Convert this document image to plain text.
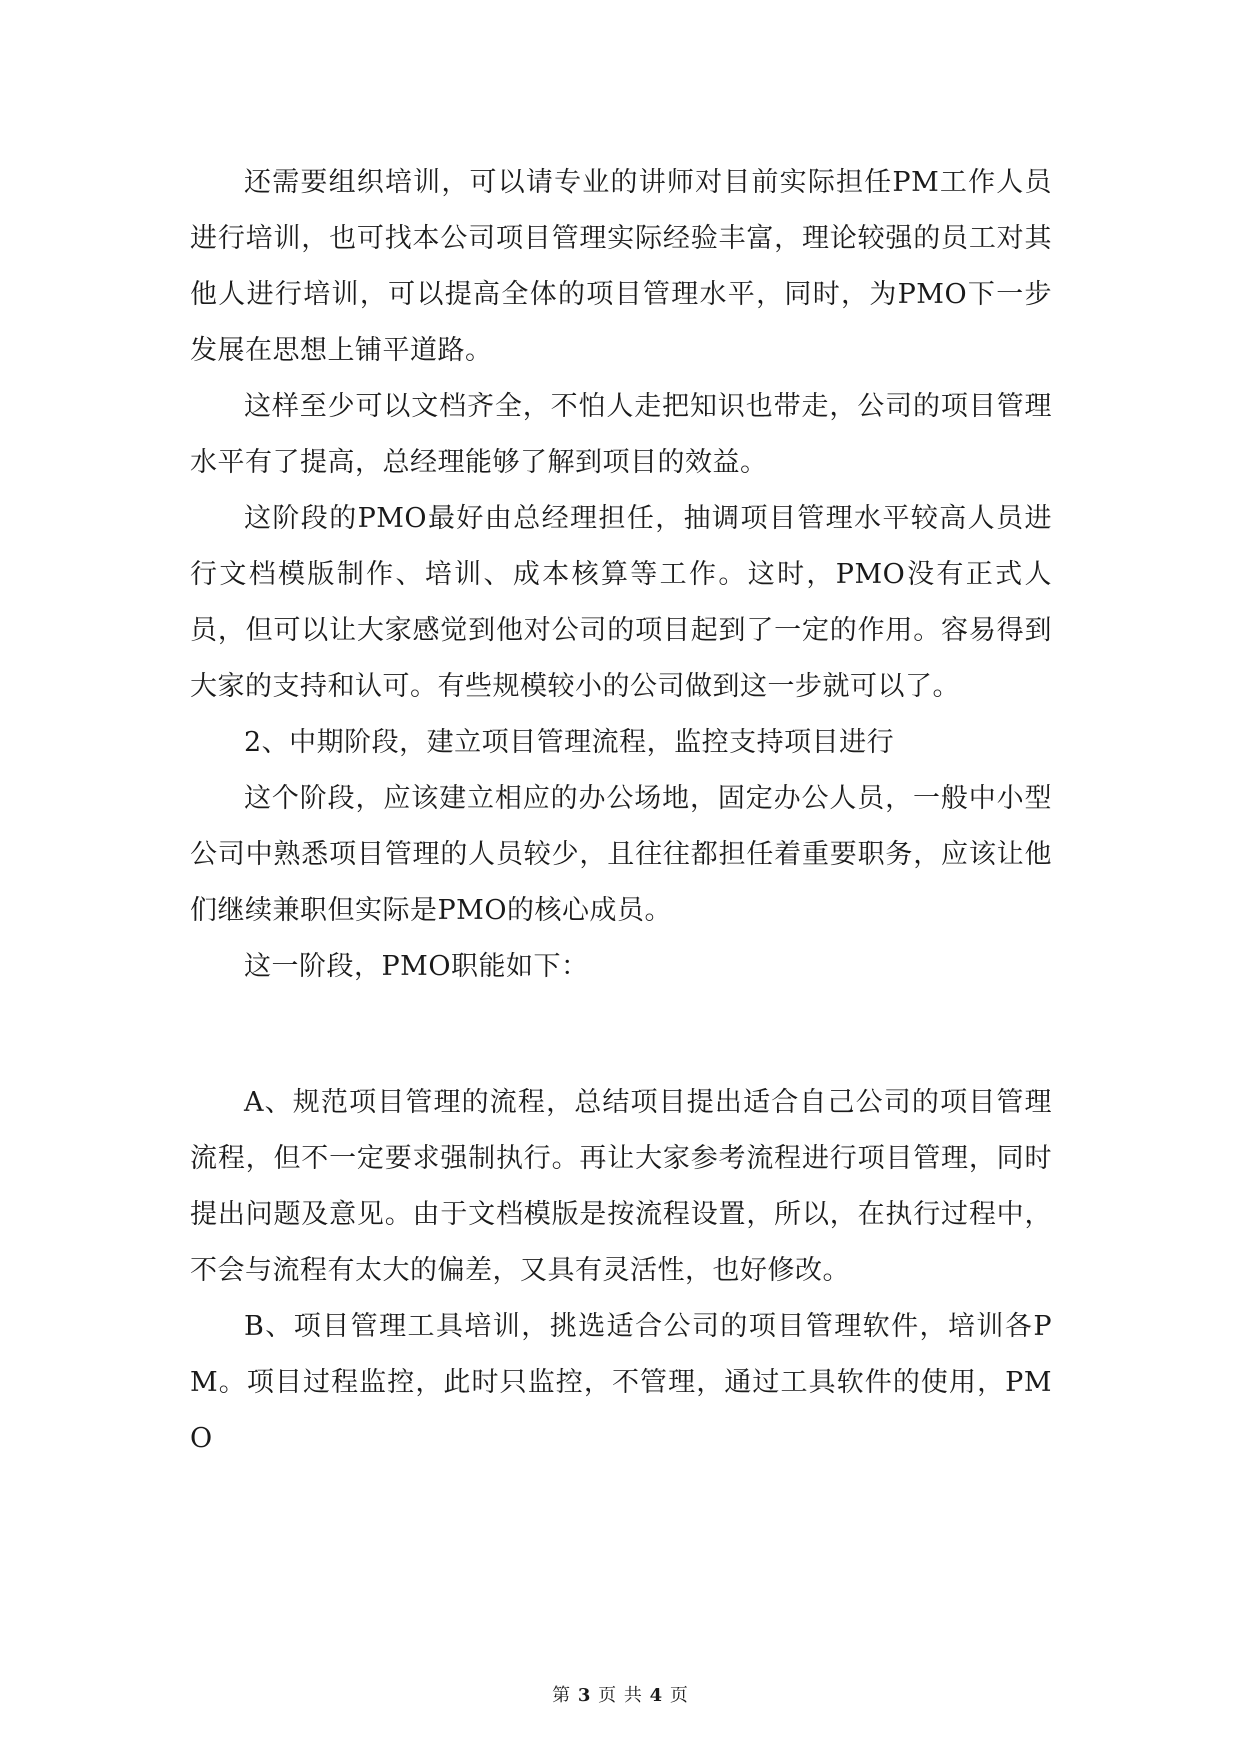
还需要组织培训，可以请专业的讲师对目前实际担任PM工作人员进行培训，也可找本公司项目管理实际经验丰富，理论较强的员工对其他人进行培训，可以提高全体的项目管理水平，同时，为PMO下一步发展在思想上铺平道路。

这样至少可以文档齐全，不怕人走把知识也带走，公司的项目管理水平有了提高，总经理能够了解到项目的效益。

这阶段的PMO最好由总经理担任，抽调项目管理水平较高人员进行文档模版制作、培训、成本核算等工作。这时，PMO没有正式人员，但可以让大家感觉到他对公司的项目起到了一定的作用。容易得到大家的支持和认可。有些规模较小的公司做到这一步就可以了。

2、中期阶段，建立项目管理流程，监控支持项目进行

这个阶段，应该建立相应的办公场地，固定办公人员，一般中小型公司中熟悉项目管理的人员较少，且往往都担任着重要职务，应该让他们继续兼职但实际是PMO的核心成员。

这一阶段，PMO职能如下：

A、规范项目管理的流程，总结项目提出适合自己公司的项目管理流程，但不一定要求强制执行。再让大家参考流程进行项目管理，同时提出问题及意见。由于文档模版是按流程设置，所以，在执行过程中，不会与流程有太大的偏差，又具有灵活性，也好修改。

B、项目管理工具培训，挑选适合公司的项目管理软件，培训各PM。项目过程监控，此时只监控，不管理，通过工具软件的使用，PMO

第 3 页 共 4 页
